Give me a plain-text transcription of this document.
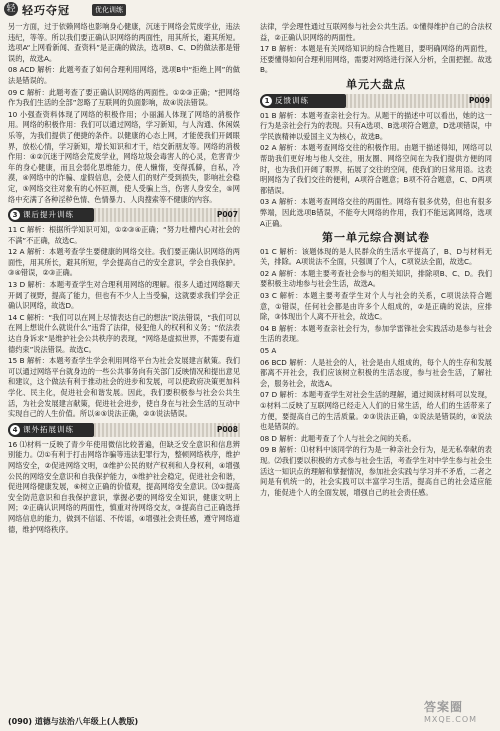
轻 轻巧夺冠	优化训练

另一方面，过于依赖网络也影响身心健康，沉迷于网络会荒废学业，违法违纪，等等。所以我们要正确认识网络的两面性，用其所长，避其所短。选项A“上网看新闻、查资料”是正确的做法，选项B、C、D的做法都是错误的，故选A。

08 ACD 解析：此题考查了如何合理利用网络，选项B中“拒绝上网”的做法是错误的。

09 C 解析：此题考查了要正确认识网络的两面性。①②③正确；“把网络作为我们生活的全部”忽略了互联网的负面影响，故④说法错误。

10 小强查资料体现了网络的积极作用；小丽漏人体现了网络的消极作用。网络的积极作用：我们可以通过网络，学习新知，与人沟通、休闲娱乐等，为我们提供了便捷的条件。以健康的心态上网，才能使我们开阔眼界，放松心情，学习新知，增长知识和才干，结交新朋友等。网络的消极作用：④②沉迷于网络会荒废学业，网络垃圾会毒害人的心灵，危害青少年的身心健康，而且会弱化思维能力，使人懒惰，变得孤僻，自私，冷漠，④网络中的诈骗、虚假信息，会使人们的财产受到损失，影响社会稳定，⑤网络交往对象有的心怀叵测，使人受骗上当，伤害人身安全，⑤网络中充满了各种淫秽色情、色情暴力、人肉搜索等不健康的内容。

3 课后提升训练	P007

11 C 解析：根据所学知识可知，①②③④正确；“努力吐槽内心对社会的不满”不正确，故选C。

12 A 解析：本题考查学生要健康的网络交往。我们要正确认识网络的两面性，用其所长，避其所短，学会提高自己的安全意识，学会自我保护。③④错误，②③正确。

13 D 解析：本题考查学生对合理利用网络的理解。很多人通过网络聊天开阔了视野，提高了能力，但也有不少人上当受骗，这就要求我们学会正确认识网络，故选D。

14 C 解析：“我们可以在网上尽情表达自己的想法”说法错误，“我们可以在网上想说什么就说什么”违背了法律，侵犯他人的权利和义务；“依法表达自身诉求”是维护社会公共秩序的表现，“网络是虚拟世界，不需要有道德约束”说法错误。故选C。

15 B 解析：本题考查学生学会利用网络平台为社会发展建言献策。我们可以通过网络平台就身边的一些公共事务向有关部门反映情况和提出意见和建议，这个做法有利于推动社会的进步和发展，可以使政府决策更加科学化、民主化，促进社会和谐发展。因此，我们要积极参与社会公共生活，为社会发展建言献策，促进社会进步，使自身在与社会生活的互动中实现自己的人生价值。所以④⑤说法正确，②③说法错误。

4 课外拓展训练	P008

16 ⑴材料一反映了青少年使用微信比较普遍，但缺乏安全意识和信息辨别能力。⑵①有利于打击网络诈骗等违法犯罪行为，整顿网络秩序，维护网络安全，②促进网络文明，③维护公民的财产权利和人身权利，④增强公民的网络安全意识和自我保护能力，⑤维护社会稳定，促进社会和谐，促进网络健康发展，⑥树立正确的价值观，提高网络安全意识。⑶①提高安全防范意识和自我保护意识，掌握必要的网络安全知识，健康文明上网；②正确认识网络的两面性，慎重对待网络交友，③提高自己正确选择网络信息的能力，做到不信谣、不传谣，④增强社会责任感，遵守网络道德，维护网络秩序。

法律，学会理性通过互联网参与社会公共生活。①懂得维护自己的合法权益，②正确认识网络的两面性。

17 B 解析：本题是有关网络知识的综合性题目，要明确网络的两面性，还要懂得如何合理利用网络，需要对网络进行深入分析，全面把握。故选B。

单元大盘点
1 反馈训练	P009

01 B 解析：本题考查亲社会行为。从题干的描述中可以看出，她的这一行为是亲社会行为的表现。只有A选项、B选项符合题意，D选项错误，中学民族精神以爱国主义为核心，故选B。

02 A 解析：本题考查网络交往的积极作用。由题干描述得知，网络可以帮助我们更好地与他人交往，朋友圈、网络空间在为我们提供方便的同时，也为我们开阔了眼界，拓展了交往的空间，使我们的日常用语。这表明网络为了我们交往的便利，A项符合题意；B项不符合题意，C、D两项都错误。

03 A 解析：本题考查网络交往的两面性。网络有很多优势，但也有很多弊端，因此选项B错误，不能夸大网络的作用，我们不能远离网络，选项A正确。

第一单元综合测试卷

01 C 解析：该题体现的是人民群众的生活水平提高了，B、D与材料无关，排除。A项说法不全面，只强调了个人，C项说法全面，故选C。

02 A 解析：本题主要考查社会参与的相关知识，排除项B、C、D。我们要积极主动地参与社会生活，故选A。

03 C 解析：本题主要考查学生对个人与社会的关系，C项说法符合题意，①错误，任何社会都是由许多个人组成的，②是正确的说法，应排除，③体现出个人离不开社会，故选C。

04 B 解析：本题考查亲社会行为，参加学雷锋社会实践活动是参与社会生活的表现。

05 A

06 BCD 解析：人是社会的人，社会是由人组成的，每个人的生存和发展都离不开社会，我们应该树立积极的生活态度，参与社会生活，了解社会，服务社会，故选A。

07 D 解析：本题考查学生对社会生活的理解，通过阅读材料可以发现，①材料二反映了互联网络已经走入人们的日常生活，给人们的生活带来了方便，要提高自己的生活质量。②③说法正确，①说法是错误的，④说法也是错误的。

08 D 解析：此题考查了个人与社会之间的关系。

09 B 解析：⑴材料中该同学的行为是一种亲社会行为，是无私奉献的表现。⑵我们要以积极的方式参与社会生活，考查学生对中学生参与社会生活这一知识点的理解和掌握情况，参加社会实践与学习并不矛盾，二者之间是有机统一的，社会实践可以丰富学习生活，提高自己的社会适应能力，能促进个人的全面发展，增强自己的社会责任感。

(090) 道德与法治八年级上(人教版)
答案圈
MXQE.COM
